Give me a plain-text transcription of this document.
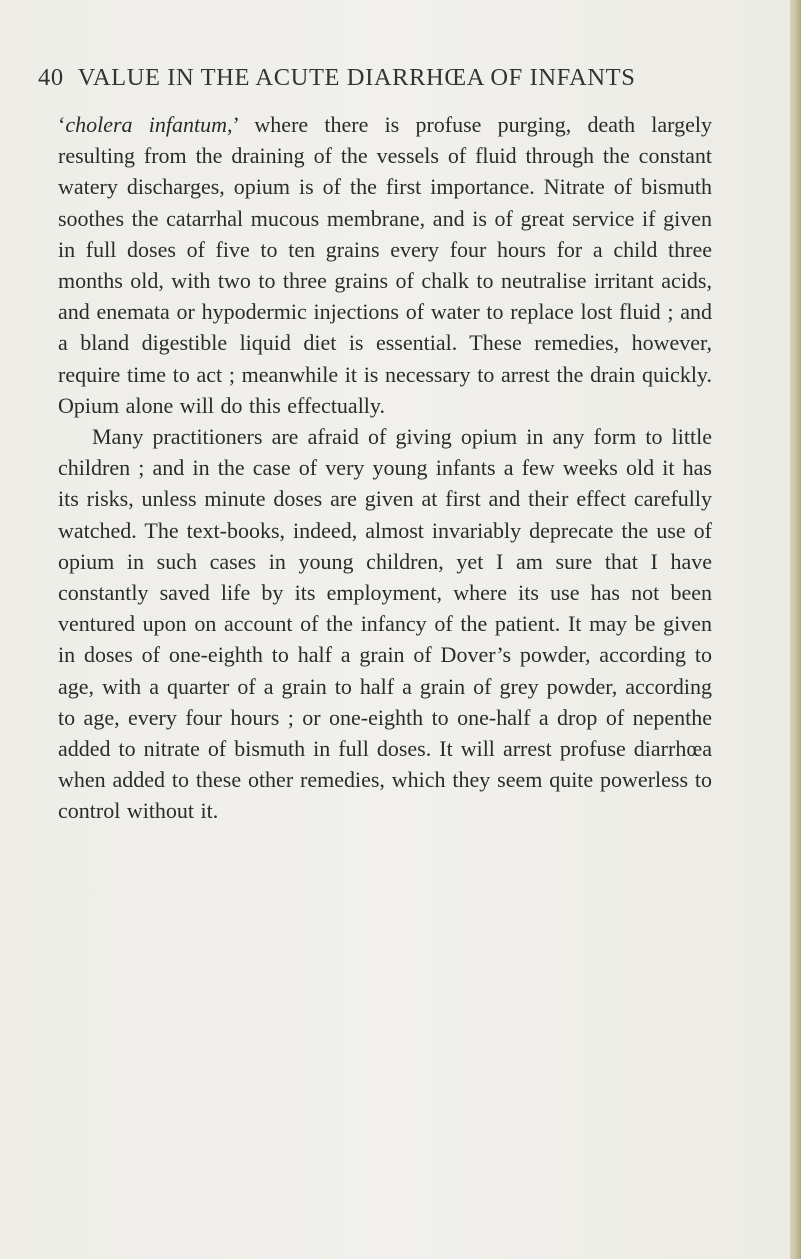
40 VALUE IN THE ACUTE DIARRHŒA OF INFANTS

‘cholera infantum,’ where there is profuse purging, death largely resulting from the draining of the vessels of fluid through the constant watery discharges, opium is of the first importance. Nitrate of bismuth soothes the catarrhal mucous membrane, and is of great service if given in full doses of five to ten grains every four hours for a child three months old, with two to three grains of chalk to neutralise irritant acids, and enemata or hypodermic injections of water to replace lost fluid ; and a bland digestible liquid diet is essential. These remedies, however, require time to act ; meanwhile it is necessary to arrest the drain quickly. Opium alone will do this effectually.

Many practitioners are afraid of giving opium in any form to little children ; and in the case of very young infants a few weeks old it has its risks, unless minute doses are given at first and their effect carefully watched. The text-books, indeed, almost invariably deprecate the use of opium in such cases in young children, yet I am sure that I have constantly saved life by its employment, where its use has not been ventured upon on account of the infancy of the patient. It may be given in doses of one-eighth to half a grain of Dover’s powder, according to age, with a quarter of a grain to half a grain of grey powder, according to age, every four hours ; or one-eighth to one-half a drop of nepenthe added to nitrate of bismuth in full doses. It will arrest profuse diarrhœa when added to these other remedies, which they seem quite powerless to control without it.
